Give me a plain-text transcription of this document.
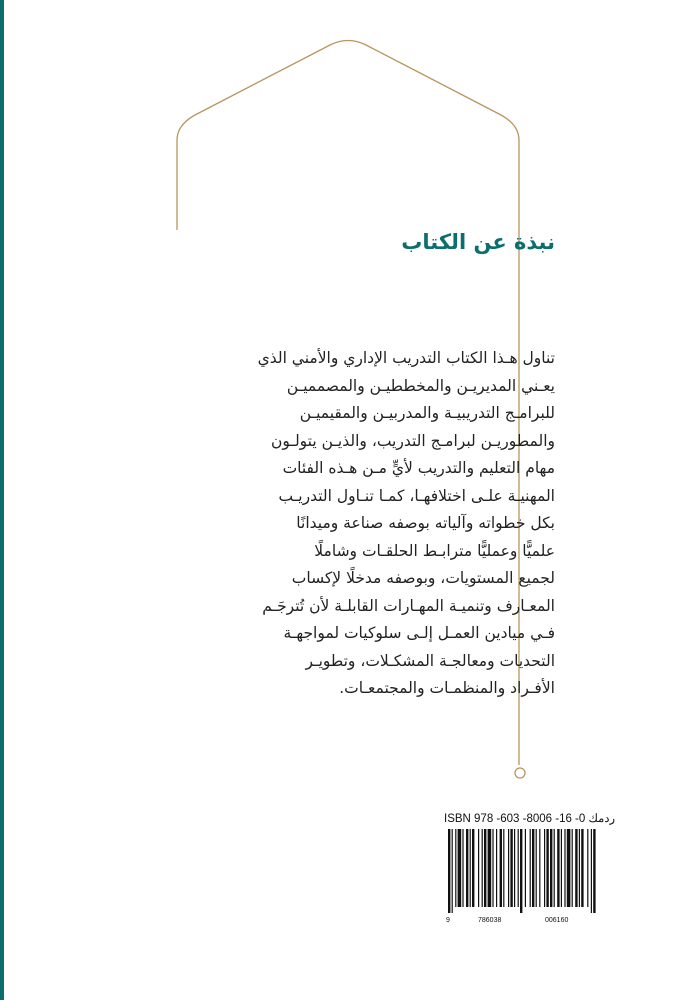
نبذة عن الكتاب
تناول هـذا الكتاب التدريب الإداري والأمني الذي
يعـني المديريـن والمخططيـن والمصمميـن
للبرامـج التدريبيـة والمدربيـن والمقيميـن
والمطوريـن لبرامـج التدريب، والذيـن يتولـون
مهام التعليم والتدريب لأيٍّ مـن هـذه الفئات
المهنيـة علـى اختلافهـا، كمـا تنـاول التدريـب
بكل خطواته وآلياته بوصفه صناعة وميدانًا
علميًّا وعمليًّا مترابـط الحلقـات وشاملًا
لجميع المستويات، وبوصفه مدخلًا لإكساب
المعـارف وتنميـة المهـارات القابلـة لأن تُترجَـم
فـي ميادين العمـل إلـى سلوكيات لمواجهـة
التحديات ومعالجـة المشكـلات، وتطويـر
الأفـراد والمنظمـات والمجتمعـات.
ISBN 978 -603 -8006 -16 -0 ردمك
9	786038	006160
